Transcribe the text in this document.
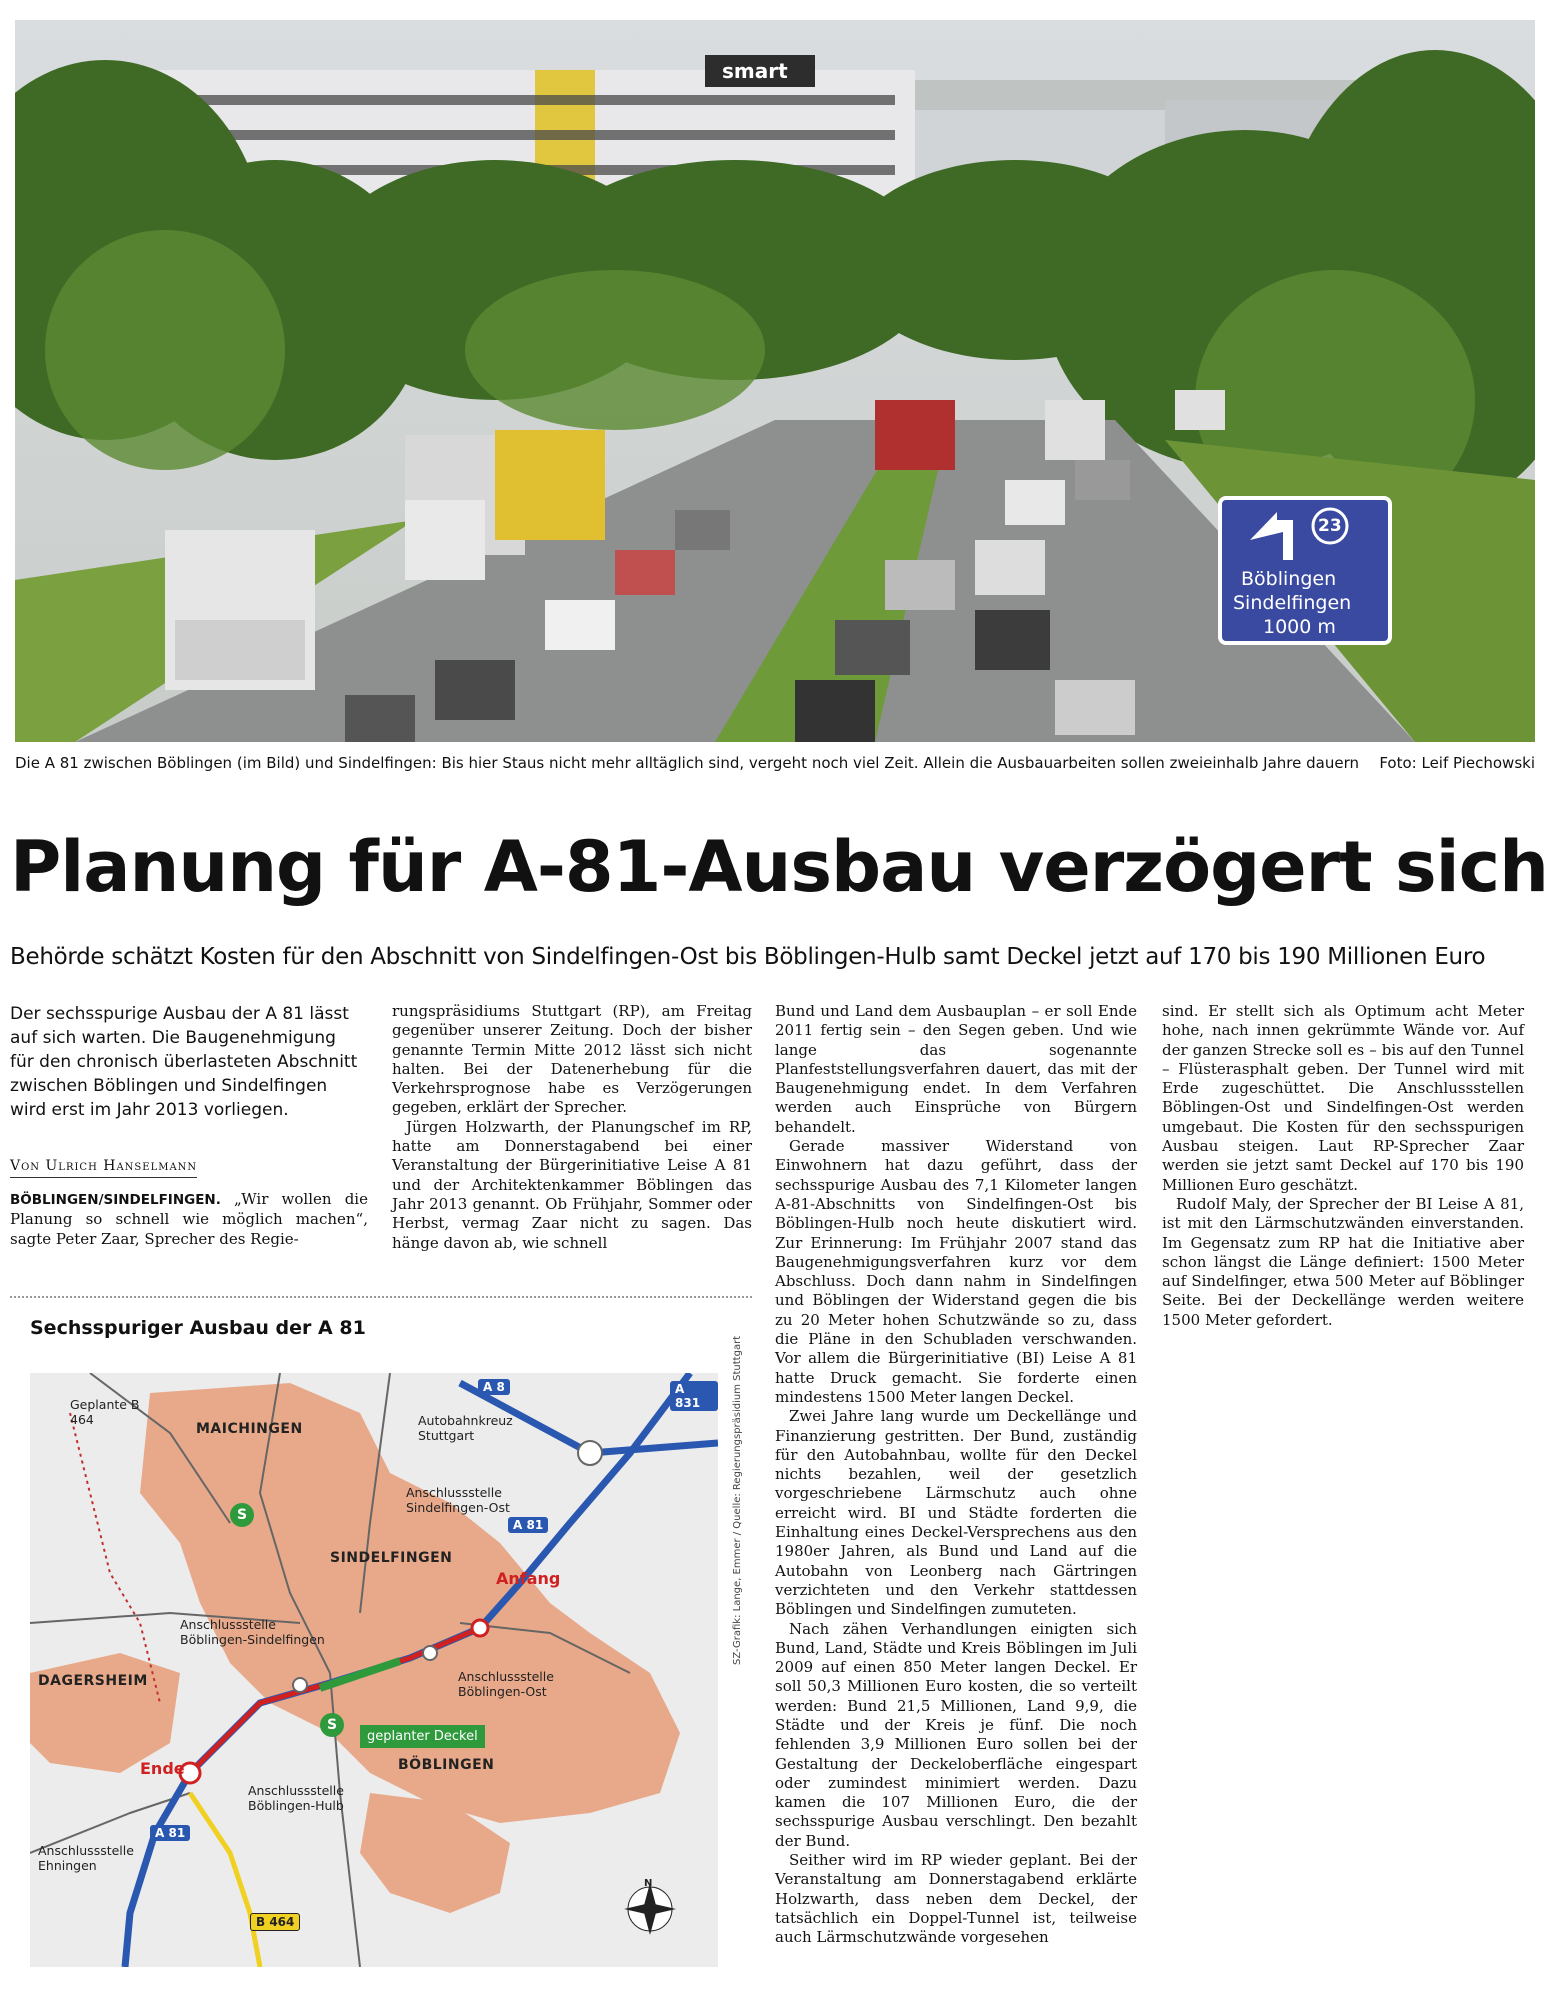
smart
23
Böblingen
Sindelfingen
1000 m
Die A 81 zwischen Böblingen (im Bild) und Sindelfingen: Bis hier Staus nicht mehr alltäglich sind, vergeht noch viel Zeit. Allein die Ausbauarbeiten sollen zweieinhalb Jahre dauern Foto: Leif Piechowski
Planung für A-81-Ausbau verzögert sich
Behörde schätzt Kosten für den Abschnitt von Sindelfingen-Ost bis Böblingen-Hulb samt Deckel jetzt auf 170 bis 190 Millionen Euro
Der sechsspurige Ausbau der A 81 lässt auf sich warten. Die Baugenehmigung für den chronisch überlasteten Abschnitt zwischen Böblingen und Sindelfingen wird erst im Jahr 2013 vorliegen.
Von Ulrich Hanselmann

BÖBLINGEN/SINDELFINGEN. „Wir wollen die Planung so schnell wie möglich machen“, sagte Peter Zaar, Sprecher des Regie-

rungspräsidiums Stuttgart (RP), am Freitag gegenüber unserer Zeitung. Doch der bisher genannte Termin Mitte 2012 lässt sich nicht halten. Bei der Datenerhebung für die Verkehrsprognose habe es Verzögerungen gegeben, erklärt der Sprecher.

Jürgen Holzwarth, der Planungschef im RP, hatte am Donnerstagabend bei einer Veranstaltung der Bürgerinitiative Leise A 81 und der Architektenkammer Böblingen das Jahr 2013 genannt. Ob Frühjahr, Sommer oder Herbst, vermag Zaar nicht zu sagen. Das hänge davon ab, wie schnell

Bund und Land dem Ausbauplan – er soll Ende 2011 fertig sein – den Segen geben. Und wie lange das sogenannte Planfeststellungsverfahren dauert, das mit der Baugenehmigung endet. In dem Verfahren werden auch Einsprüche von Bürgern behandelt.

Gerade massiver Widerstand von Einwohnern hat dazu geführt, dass der sechsspurige Ausbau des 7,1 Kilometer langen A-81-Abschnitts von Sindelfingen-Ost bis Böblingen-Hulb noch heute diskutiert wird. Zur Erinnerung: Im Frühjahr 2007 stand das Baugenehmigungsverfahren kurz vor dem Abschluss. Doch dann nahm in Sindelfingen und Böblingen der Widerstand gegen die bis zu 20 Meter hohen Schutzwände so zu, dass die Pläne in den Schubladen verschwanden. Vor allem die Bürgerinitiative (BI) Leise A 81 hatte Druck gemacht. Sie forderte einen mindestens 1500 Meter langen Deckel.

Zwei Jahre lang wurde um Deckellänge und Finanzierung gestritten. Der Bund, zuständig für den Autobahnbau, wollte für den Deckel nichts bezahlen, weil der gesetzlich vorgeschriebene Lärmschutz auch ohne erreicht wird. BI und Städte forderten die Einhaltung eines Deckel-Versprechens aus den 1980er Jahren, als Bund und Land auf die Autobahn von Leonberg nach Gärtringen verzichteten und den Verkehr stattdessen Böblingen und Sindelfingen zumuteten.

Nach zähen Verhandlungen einigten sich Bund, Land, Städte und Kreis Böblingen im Juli 2009 auf einen 850 Meter langen Deckel. Er soll 50,3 Millionen Euro kosten, die so verteilt werden: Bund 21,5 Millionen, Land 9,9, die Städte und der Kreis je fünf. Die noch fehlenden 3,9 Millionen Euro sollen bei der Gestaltung der Deckeloberfläche eingespart oder zumindest minimiert werden. Dazu kamen die 107 Millionen Euro, die der sechsspurige Ausbau verschlingt. Den bezahlt der Bund.

Seither wird im RP wieder geplant. Bei der Veranstaltung am Donnerstagabend erklärte Holzwarth, dass neben dem Deckel, der tatsächlich ein Doppel-Tunnel ist, teilweise auch Lärmschutzwände vorgesehen

sind. Er stellt sich als Optimum acht Meter hohe, nach innen gekrümmte Wände vor. Auf der ganzen Strecke soll es – bis auf den Tunnel – Flüsterasphalt geben. Der Tunnel wird mit Erde zugeschüttet. Die Anschlussstellen Böblingen-Ost und Sindelfingen-Ost werden umgebaut. Die Kosten für den sechsspurigen Ausbau steigen. Laut RP-Sprecher Zaar werden sie jetzt samt Deckel auf 170 bis 190 Millionen Euro geschätzt.

Rudolf Maly, der Sprecher der BI Leise A 81, ist mit den Lärmschutzwänden einverstanden. Im Gegensatz zum RP hat die Initiative aber schon längst die Länge definiert: 1500 Meter auf Sindelfinger, etwa 500 Meter auf Böblinger Seite. Bei der Deckellänge werden weitere 1500 Meter gefordert.

Sechsspuriger Ausbau der A 81
Geplante B 464
MAICHINGEN
Autobahnkreuz Stuttgart
Anschlussstelle Sindelfingen-Ost
SINDELFINGEN
Anfang
Anschlussstelle Böblingen-Sindelfingen
DAGERSHEIM	Anschlussstelle Böblingen-Ost
geplanter Deckel
Ende
Anschlussstelle Böblingen-Hulb
BÖBLINGEN
Anschlussstelle Ehningen
A 8	A 831
A 81
A 81
B 464
S
S
N
SZ-Grafik: Lange, Emmer / Quelle: Regierungspräsidium Stuttgart
